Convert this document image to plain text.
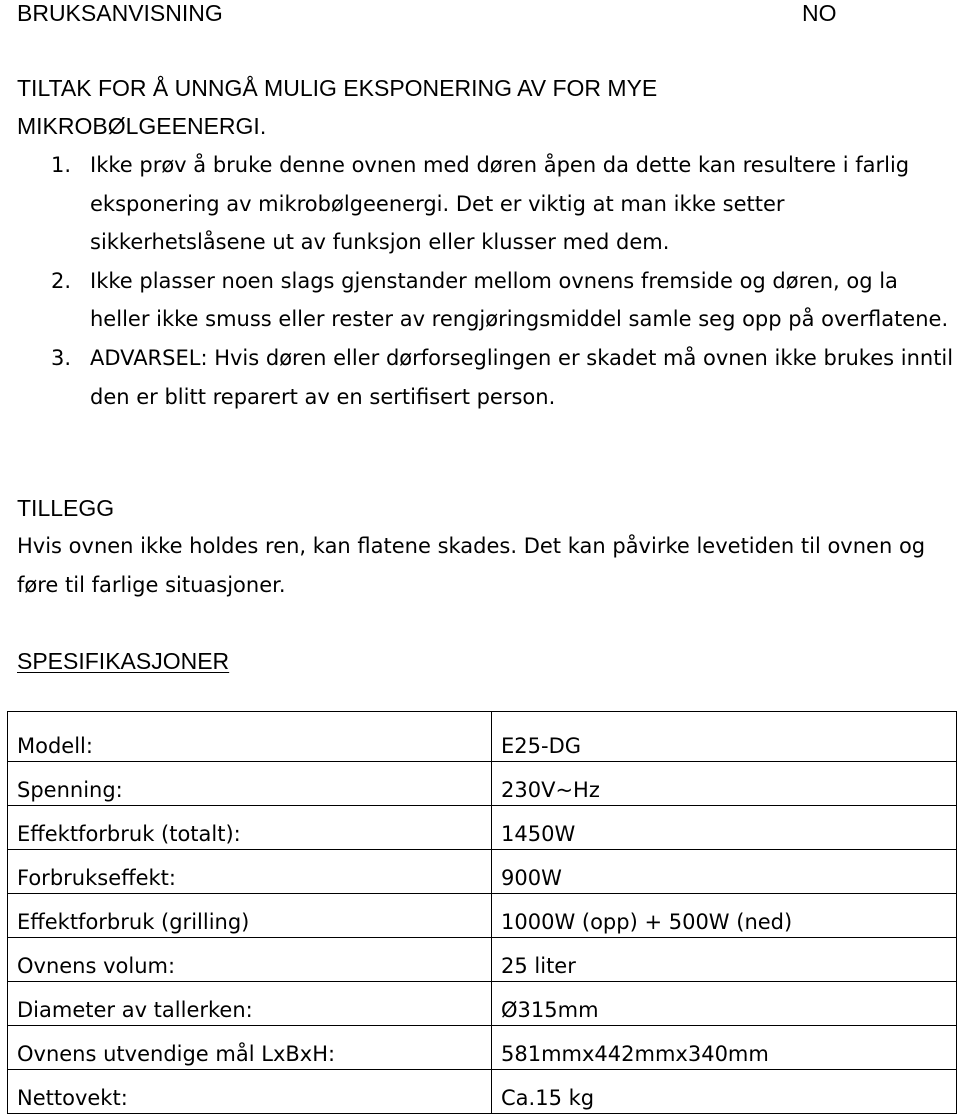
BRUKSANVISNING	NO
TILTAK FOR Å UNNGÅ MULIG EKSPONERING AV FOR MYE
MIKROBØLGEENERGI.
1. Ikke prøv å bruke denne ovnen med døren åpen da dette kan resultere i farlig eksponering av mikrobølgeenergi. Det er viktig at man ikke setter sikkerhetslåsene ut av funksjon eller klusser med dem.
2. Ikke plasser noen slags gjenstander mellom ovnens fremside og døren, og la heller ikke smuss eller rester av rengjøringsmiddel samle seg opp på overflatene.
3. ADVARSEL: Hvis døren eller dørforseglingen er skadet må ovnen ikke brukes inntil den er blitt reparert av en sertifisert person.
TILLEGG
Hvis ovnen ikke holdes ren, kan flatene skades. Det kan påvirke levetiden til ovnen og føre til farlige situasjoner.
SPESIFIKASJONER
Modell:	E25-DG
Spenning:	230V~Hz
Effektforbruk (totalt):	1450W
Forbrukseffekt:	900W
Effektforbruk (grilling)	1000W (opp) + 500W (ned)
Ovnens volum:	25 liter
Diameter av tallerken:	Ø315mm
Ovnens utvendige mål LxBxH:	581mmx442mmx340mm
Nettovekt:	Ca.15 kg
